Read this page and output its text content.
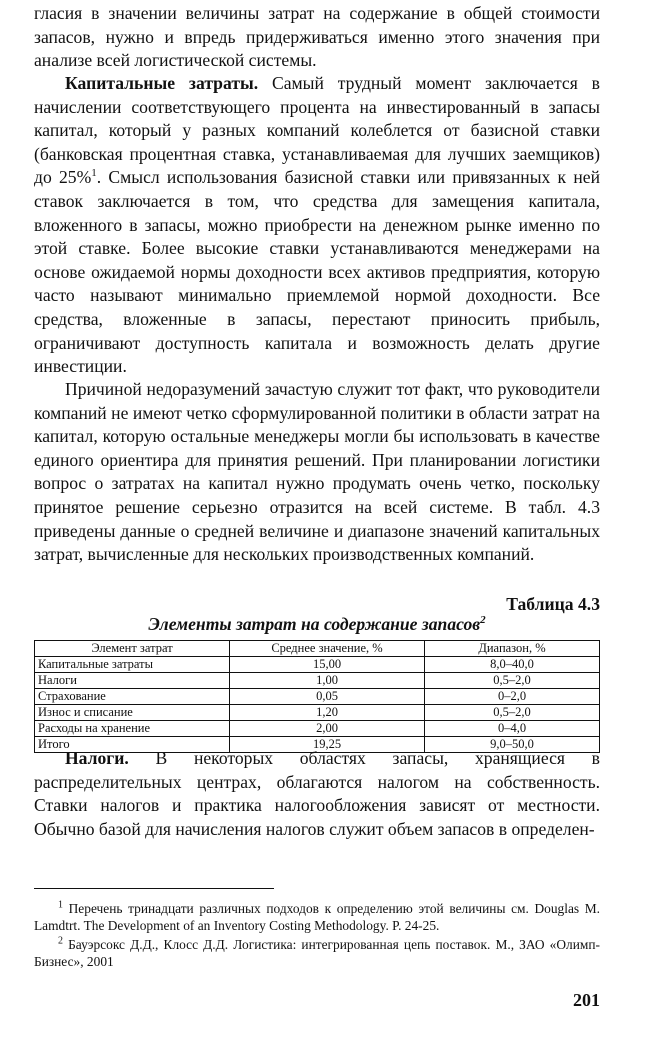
гласия в значении величины затрат на содержание в общей стоимости запасов, нужно и впредь придерживаться именно этого значения при анализе всей логистической системы.

Капитальные затраты. Самый трудный момент заключается в начислении соответствующего процента на инвестированный в запасы капитал, который у разных компаний колеблется от базисной ставки (банковская процентная ставка, устанавливаемая для лучших заемщиков) до 25%$^1$. Смысл использования базисной ставки или привязанных к ней ставок заключается в том, что средства для замещения капитала, вложенного в запасы, можно приобрести на денежном рынке именно по этой ставке. Более высокие ставки устанавливаются менеджерами на основе ожидаемой нормы доходности всех активов предприятия, которую часто называют минимально приемлемой нормой доходности. Все средства, вложенные в запасы, перестают приносить прибыль, ограничивают доступность капитала и возможность делать другие инвестиции.

Причиной недоразумений зачастую служит тот факт, что руководители компаний не имеют четко сформулированной политики в области затрат на капитал, которую остальные менеджеры могли бы использовать в качестве единого ориентира для принятия решений. При планировании логистики вопрос о затратах на капитал нужно продумать очень четко, поскольку принятое решение серьезно отразится на всей системе. В табл. 4.3 приведены данные о средней величине и диапазоне значений капитальных затрат, вычисленные для нескольких производственных компаний.

Таблица 4.3
Элементы затрат на содержание запасов$^2$
Элемент затрат	Среднее значение, %	Диапазон, %
Капитальные затраты	15,00	8,0–40,0
Налоги	1,00	0,5–2,0
Страхование	0,05	0–2,0
Износ и списание	1,20	0,5–2,0
Расходы на хранение	2,00	0–4,0
Итого	19,25	9,0–50,0

Налоги. В некоторых областях запасы, хранящиеся в распределительных центрах, облагаются налогом на собственность. Ставки налогов и практика налогообложения зависят от местности. Обычно базой для начисления налогов служит объем запасов в определен-

$^1$ Перечень тринадцати различных подходов к определению этой величины см. Douglas M. Lamdtrt. The Development of an Inventory Costing Methodology. P. 24-25.

$^2$ Бауэрсокс Д.Д., Клосс Д.Д. Логистика: интегрированная цепь поставок. М., ЗАО «Олимп-Бизнес», 2001

201
